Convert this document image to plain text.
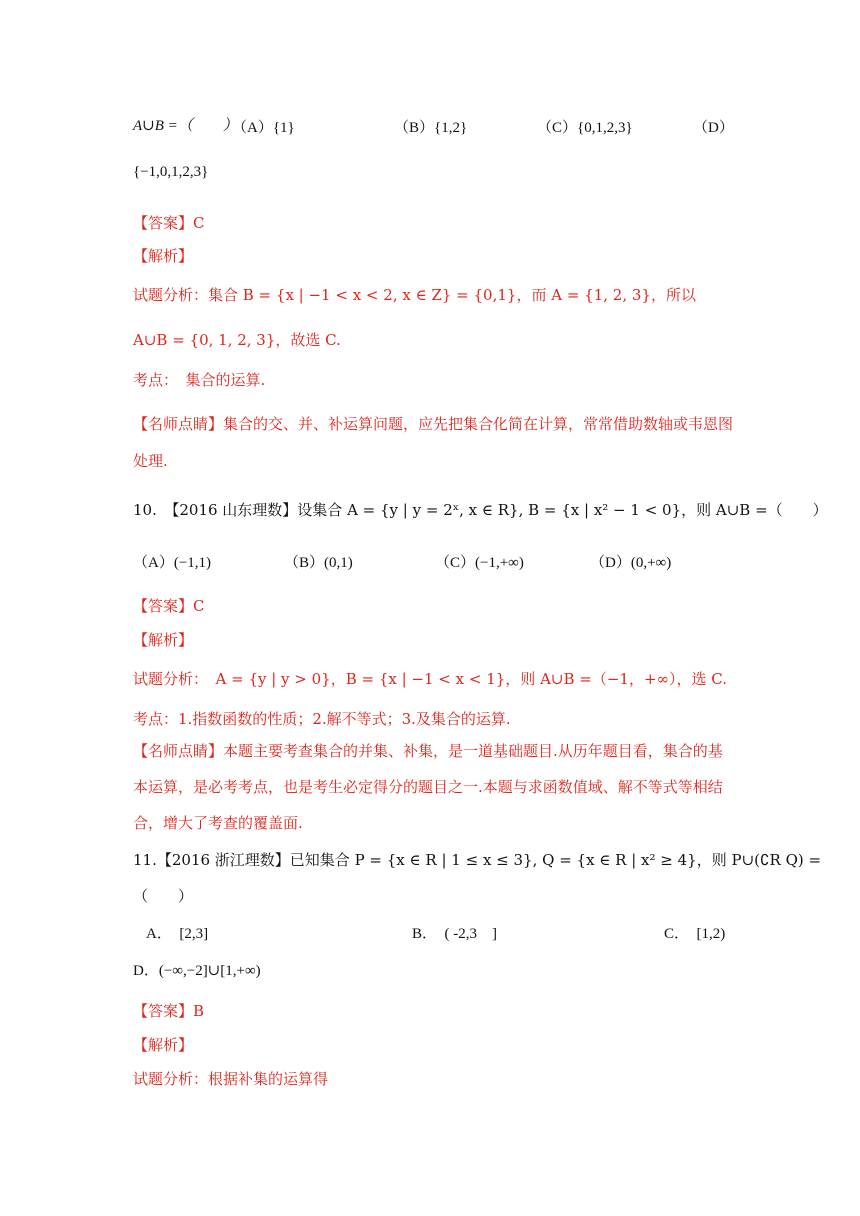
A∪B =（　　）
（A）{1}	（B）{1,2}	（C）{0,1,2,3}	（D）
{−1,0,1,2,3}
【答案】C
【解析】
试题分析：集合 B = {x | −1 < x < 2, x ∈ Z} = {0,1}，而 A = {1, 2, 3}，所以
A∪B = {0, 1, 2, 3}，故选 C.
考点：　集合的运算.
【名师点睛】集合的交、并、补运算问题，应先把集合化简在计算，常常借助数轴或韦恩图
处理.
10.　【2016 山东理数】设集合 A = {y | y = 2ˣ, x ∈ R}, B = {x | x² − 1 < 0}，则 A∪B =（　　）
（A）(−1,1)	（B）(0,1)	（C）(−1,+∞)	（D）(0,+∞)
【答案】C
【解析】
试题分析：　A = {y | y > 0}，B = {x | −1 < x < 1}，则 A∪B =（−1，+∞），选 C.
考点：1.指数函数的性质；2.解不等式；3.及集合的运算.
【名师点睛】本题主要考查集合的并集、补集，是一道基础题目.从历年题目看，集合的基
本运算，是必考考点，也是考生必定得分的题目之一.本题与求函数值域、解不等式等相结
合，增大了考查的覆盖面.
11.【2016 浙江理数】已知集合 P = {x ∈ R | 1 ≤ x ≤ 3}, Q = {x ∈ R | x² ≥ 4}，则 P∪(∁R Q) =
（　　）
A．　[2,3]	B．　( -2,3　]	C．　[1,2)
D．(−∞,−2]∪[1,+∞)
【答案】B
【解析】
试题分析：根据补集的运算得
